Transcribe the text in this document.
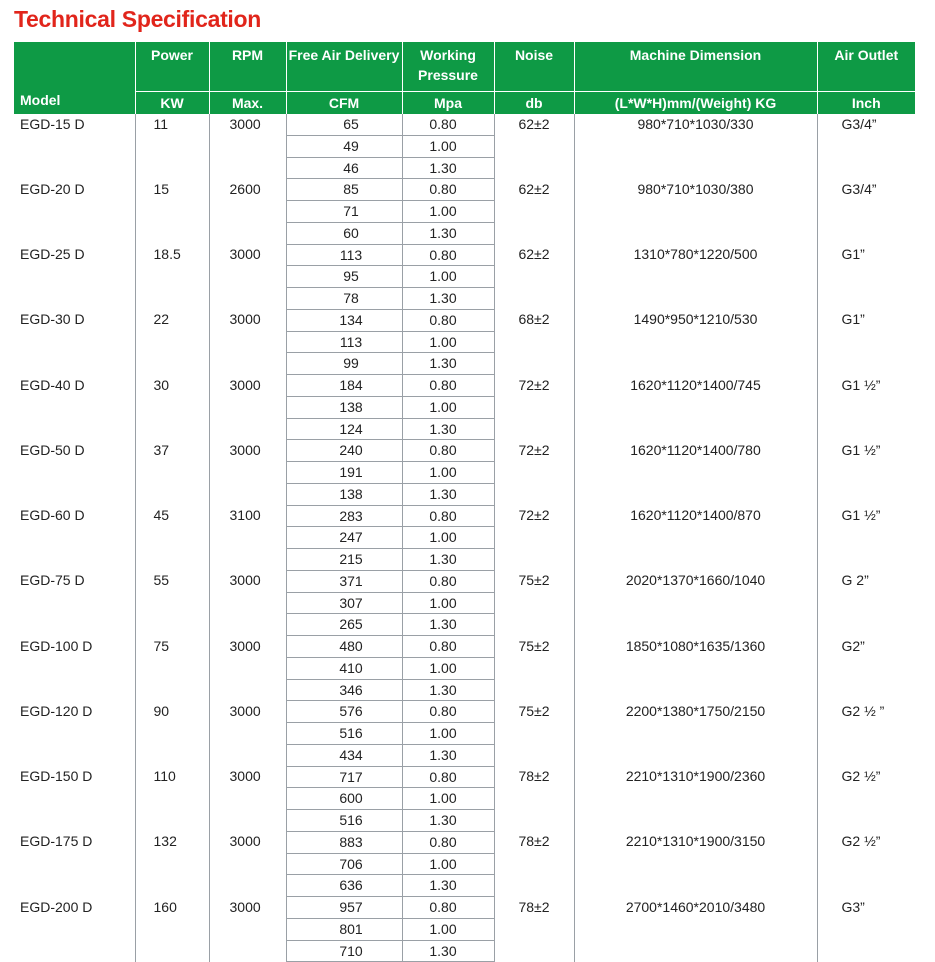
Technical Specification
Model	Power	RPM	Free Air Delivery	Working Pressure	Noise	Machine Dimension	Air Outlet
	KW	Max.	CFM	Mpa	db	(L*W*H)mm/(Weight) KG	Inch
EGD-15 D	11	3000	65	0.80	62±2	980*710*1030/330	G3/4”
			49	1.00			
			46	1.30			
EGD-20 D	15	2600	85	0.80	62±2	980*710*1030/380	G3/4”
			71	1.00			
			60	1.30			
EGD-25 D	18.5	3000	113	0.80	62±2	1310*780*1220/500	G1”
			95	1.00			
			78	1.30			
EGD-30 D	22	3000	134	0.80	68±2	1490*950*1210/530	G1”
			113	1.00			
			99	1.30			
EGD-40 D	30	3000	184	0.80	72±2	1620*1120*1400/745	G1 ½”
			138	1.00			
			124	1.30			
EGD-50 D	37	3000	240	0.80	72±2	1620*1120*1400/780	G1 ½”
			191	1.00			
			138	1.30			
EGD-60 D	45	3100	283	0.80	72±2	1620*1120*1400/870	G1 ½”
			247	1.00			
			215	1.30			
EGD-75 D	55	3000	371	0.80	75±2	2020*1370*1660/1040	G 2”
			307	1.00			
			265	1.30			
EGD-100 D	75	3000	480	0.80	75±2	1850*1080*1635/1360	G2”
			410	1.00			
			346	1.30			
EGD-120 D	90	3000	576	0.80	75±2	2200*1380*1750/2150	G2 ½ ”
			516	1.00			
			434	1.30			
EGD-150 D	110	3000	717	0.80	78±2	2210*1310*1900/2360	G2 ½”
			600	1.00			
			516	1.30			
EGD-175 D	132	3000	883	0.80	78±2	2210*1310*1900/3150	G2 ½”
			706	1.00			
			636	1.30			
EGD-200 D	160	3000	957	0.80	78±2	2700*1460*2010/3480	G3”
			801	1.00			
			710	1.30			
